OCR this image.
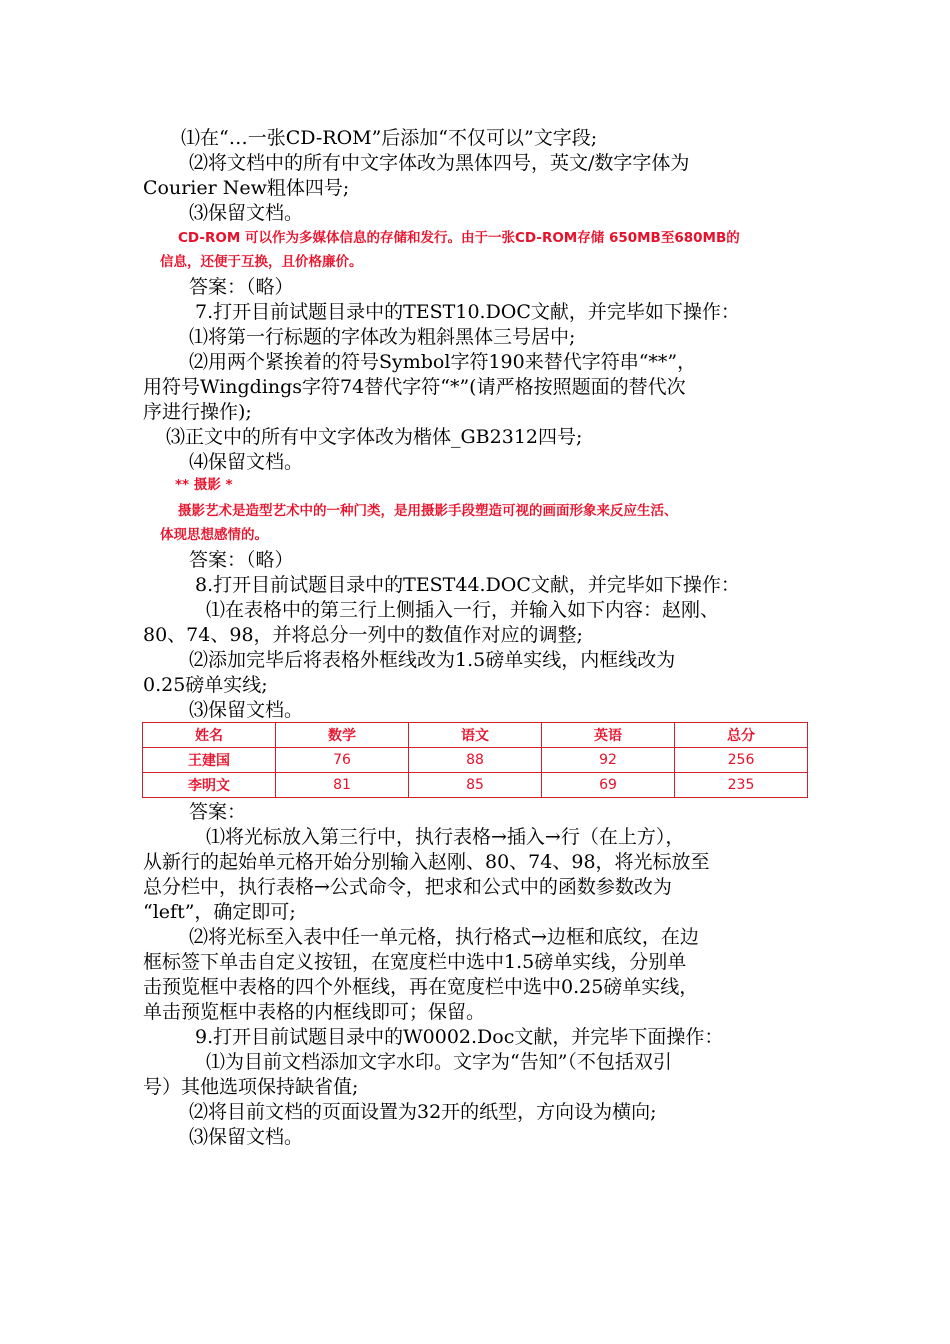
⑴在“…一张CD-ROM”后添加“不仅可以”文字段;
⑵将文档中的所有中文字体改为黑体四号，英文/数字字体为
Courier New粗体四号;
⑶保留文档。
CD-ROM 可以作为多媒体信息的存储和发行。由于一张CD-ROM存储 650MB至680MB的
信息，还便于互换，且价格廉价。
答案：（略）
7.打开目前试题目录中的TEST10.DOC文献，并完毕如下操作：
⑴将第一行标题的字体改为粗斜黑体三号居中;
⑵用两个紧挨着的符号Symbol字符190来替代字符串“**”，
用符号Wingdings字符74替代字符“*”(请严格按照题面的替代次
序进行操作);
⑶正文中的所有中文字体改为楷体_GB2312四号;
⑷保留文档。
** 摄影 *
摄影艺术是造型艺术中的一种门类，是用摄影手段塑造可视的画面形象来反应生活、
体现思想感情的。
答案：（略）
8.打开目前试题目录中的TEST44.DOC文献，并完毕如下操作：
⑴在表格中的第三行上侧插入一行，并输入如下内容：赵刚、
80、74、98，并将总分一列中的数值作对应的调整;
⑵添加完毕后将表格外框线改为1.5磅单实线，内框线改为
0.25磅单实线;
⑶保留文档。
姓名	数学	语文	英语	总分
王建国	76	88	92	256
李明文	81	85	69	235
答案：
⑴将光标放入第三行中，执行表格→插入→行（在上方），
从新行的起始单元格开始分别输入赵刚、80、74、98，将光标放至
总分栏中，执行表格→公式命令，把求和公式中的函数参数改为
“left”，确定即可;
⑵将光标至入表中任一单元格，执行格式→边框和底纹，在边
框标签下单击自定义按钮，在宽度栏中选中1.5磅单实线，分别单
击预览框中表格的四个外框线，再在宽度栏中选中0.25磅单实线，
单击预览框中表格的内框线即可；保留。
9.打开目前试题目录中的W0002.Doc文献，并完毕下面操作：
⑴为目前文档添加文字水印。文字为“告知”（不包括双引
号）其他选项保持缺省值;
⑵将目前文档的页面设置为32开的纸型，方向设为横向;
⑶保留文档。
